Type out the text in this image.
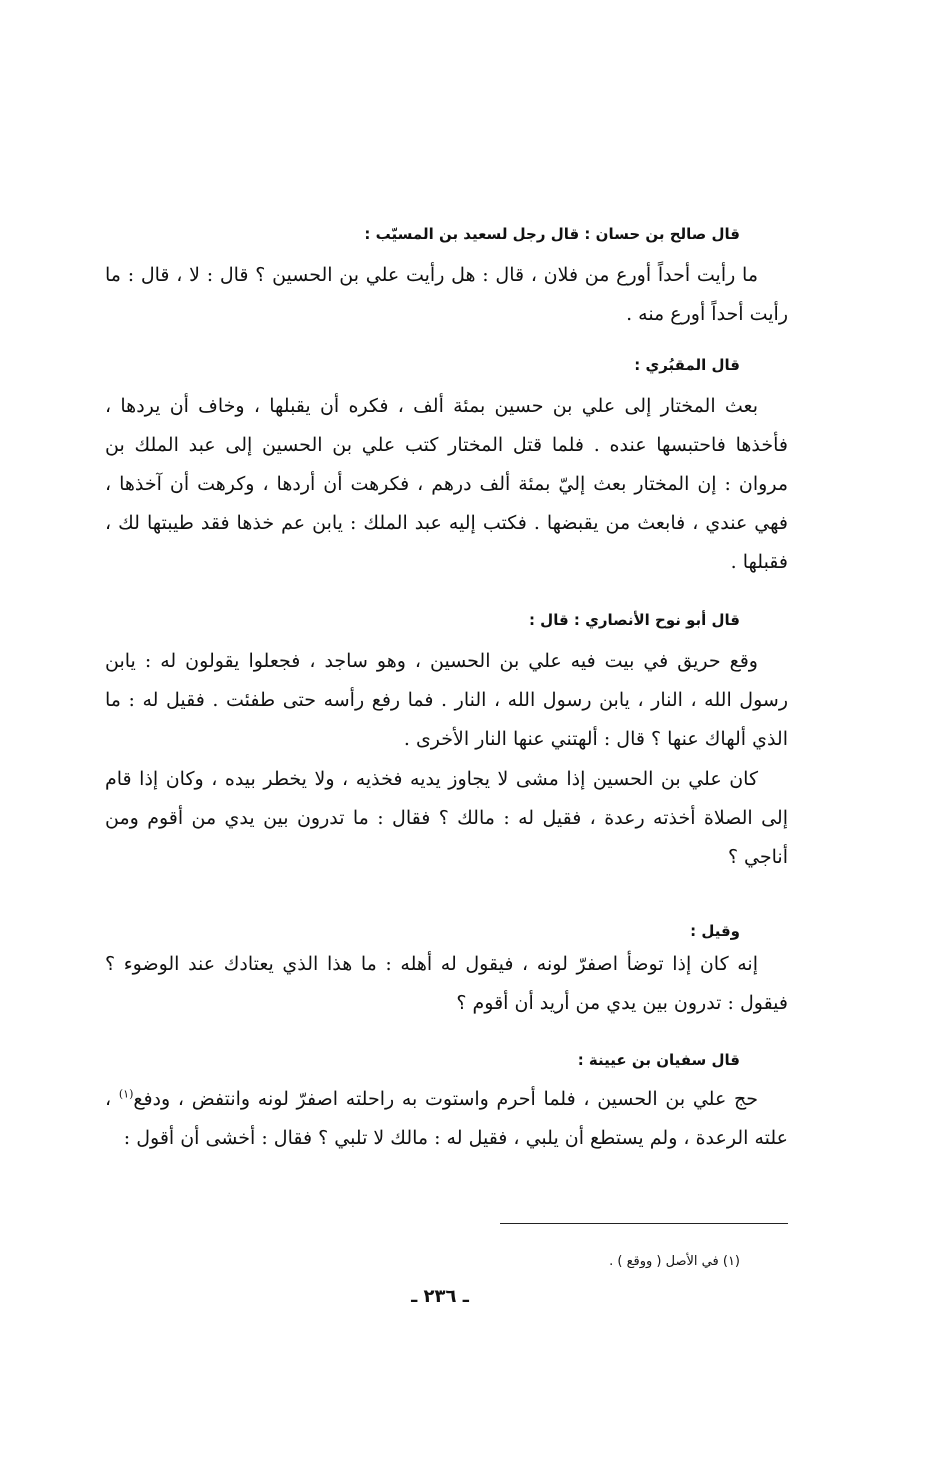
قال صالح بن حسان : قال رجل لسعيد بن المسيّب :
ما رأيت أحداً أورع من فلان ، قال : هل رأيت علي بن الحسين ؟ قال : لا ، قال : ما رأيت أحداً أورع منه .
قال المقبُري :
بعث المختار إلى علي بن حسين بمئة ألف ، فكره أن يقبلها ، وخاف أن يردها ، فأخذها فاحتبسها عنده . فلما قتل المختار كتب علي بن الحسين إلى عبد الملك بن مروان : إن المختار بعث إليّ بمئة ألف درهم ، فكرهت أن أردها ، وكرهت أن آخذها ، فهي عندي ، فابعث من يقبضها . فكتب إليه عبد الملك : يابن عم خذها فقد طيبتها لك ، فقبلها .
قال أبو نوح الأنصاري : قال :
وقع حريق في بيت فيه علي بن الحسين ، وهو ساجد ، فجعلوا يقولون له : يابن رسول الله ، النار ، يابن رسول الله ، النار . فما رفع رأسه حتى طفئت . فقيل له : ما الذي ألهاك عنها ؟ قال : ألهتني عنها النار الأخرى .
كان علي بن الحسين إذا مشى لا يجاوز يديه فخذيه ، ولا يخطر بيده ، وكان إذا قام إلى الصلاة أخذته رعدة ، فقيل له : مالك ؟ فقال : ما تدرون بين يدي من أقوم ومن أناجي ؟
وقيل :
إنه كان إذا توضأ اصفرّ لونه ، فيقول له أهله : ما هذا الذي يعتادك عند الوضوء ؟ فيقول : تدرون بين يدي من أريد أن أقوم ؟
قال سفيان بن عيينة :
حج علي بن الحسين ، فلما أحرم واستوت به راحلته اصفرّ لونه وانتفض ، ودفع$^{(١)}$ ، علته الرعدة ، ولم يستطع أن يلبي ، فقيل له : مالك لا تلبي ؟ فقال : أخشى أن أقول :
(١) في الأصل ( ووقع ) .
ـ ٢٣٦ ـ
